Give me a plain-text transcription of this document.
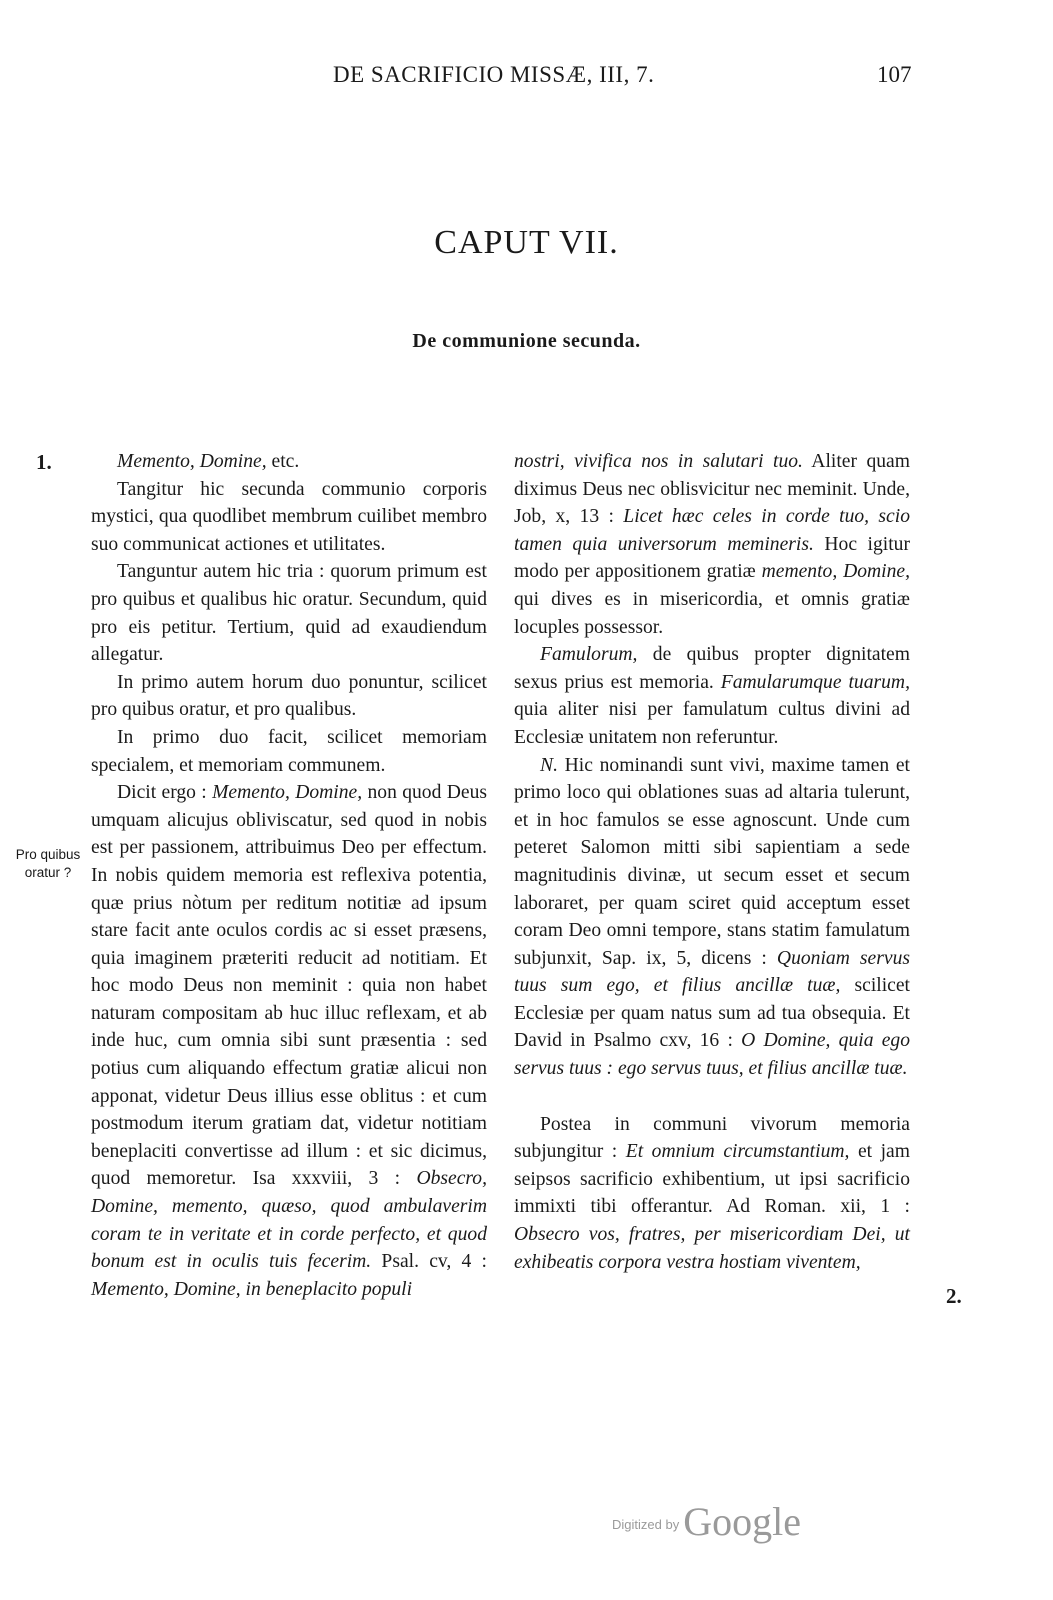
DE SACRIFICIO MISSÆ, III, 7.	107
CAPUT VII.
De communione secunda.
1.
2.
Pro quibus
oratur ?

Memento, Domine, etc.

Tangitur hic secunda communio corporis mystici, qua quodlibet membrum cuilibet membro suo communicat actiones et utilitates.

Tanguntur autem hic tria : quorum primum est pro quibus et qualibus hic oratur. Secundum, quid pro eis petitur. Tertium, quid ad exaudiendum allegatur.

In primo autem horum duo ponuntur, scilicet pro quibus oratur, et pro qualibus.

In primo duo facit, scilicet memoriam specialem, et memoriam communem.

Dicit ergo : Memento, Domine, non quod Deus umquam alicujus obliviscatur, sed quod in nobis est per passionem, attribuimus Deo per effectum. In nobis quidem memoria est reflexiva potentia, quæ prius nòtum per reditum notitiæ ad ipsum stare facit ante oculos cordis ac si esset præsens, quia imaginem præteriti reducit ad notitiam. Et hoc modo Deus non meminit : quia non habet naturam compositam ab huc illuc reflexam, et ab inde huc, cum omnia sibi sunt præsentia : sed potius cum aliquando effectum gratiæ alicui non apponat, videtur Deus illius esse oblitus : et cum postmodum iterum gratiam dat, videtur notitiam beneplaciti convertisse ad illum : et sic dicimus, quod memoretur. Isa xxxviii, 3 : Obsecro, Domine, memento, quæso, quod ambulaverim coram te in veritate et in corde perfecto, et quod bonum est in oculis tuis fecerim. Psal. cv, 4 : Memento, Domine, in beneplacito populi

nostri, vivifica nos in salutari tuo. Aliter quam diximus Deus nec oblisvicitur nec meminit. Unde, Job, x, 13 : Licet hæc celes in corde tuo, scio tamen quia universorum memineris. Hoc igitur modo per appositionem gratiæ memento, Domine, qui dives es in misericordia, et omnis gratiæ locuples possessor.

Famulorum, de quibus propter dignitatem sexus prius est memoria. Famularumque tuarum, quia aliter nisi per famulatum cultus divini ad Ecclesiæ unitatem non referuntur.

N. Hic nominandi sunt vivi, maxime tamen et primo loco qui oblationes suas ad altaria tulerunt, et in hoc famulos se esse agnoscunt. Unde cum peteret Salomon mitti sibi sapientiam a sede magnitudinis divinæ, ut secum esset et secum laboraret, per quam sciret quid acceptum esset coram Deo omni tempore, stans statim famulatum subjunxit, Sap. ix, 5, dicens : Quoniam servus tuus sum ego, et filius ancillæ tuæ, scilicet Ecclesiæ per quam natus sum ad tua obsequia. Et David in Psalmo cxv, 16 : O Domine, quia ego servus tuus : ego servus tuus, et filius ancillæ tuæ.

Postea in communi vivorum memoria subjungitur : Et omnium circumstantium, et jam seipsos sacrificio exhibentium, ut ipsi sacrificio immixti tibi offerantur. Ad Roman. xii, 1 : Obsecro vos, fratres, per misericordiam Dei, ut exhibeatis corpora vestra hostiam viventem,

$^{Digitized by}$ Google
